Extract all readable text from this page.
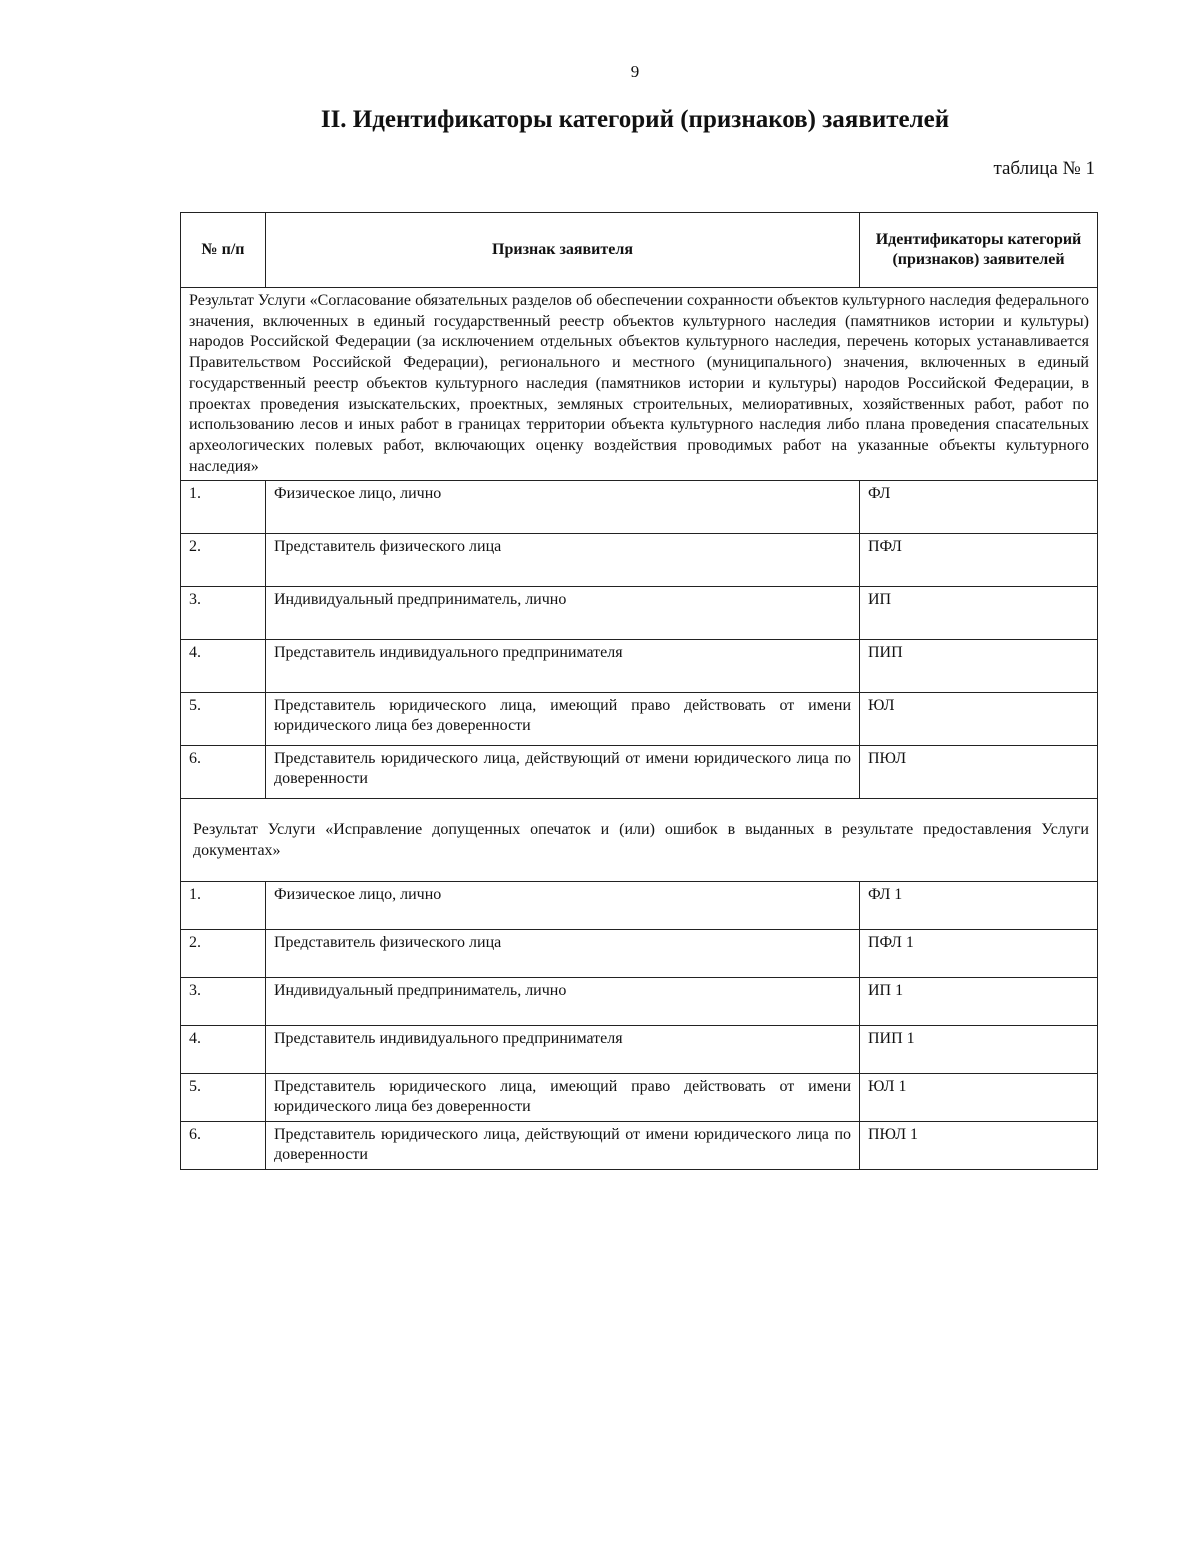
9
II. Идентификаторы категорий (признаков) заявителей
таблица № 1
№ п/п	Признак заявителя	Идентификаторы категорий (признаков) заявителей
Результат Услуги «Согласование обязательных разделов об обеспечении сохранности объектов культурного наследия федерального значения, включенных в единый государственный реестр объектов культурного наследия (памятников истории и культуры) народов Российской Федерации (за исключением отдельных объектов культурного наследия, перечень которых устанавливается Правительством Российской Федерации), регионального и местного (муниципального) значения, включенных в единый государственный реестр объектов культурного наследия (памятников истории и культуры) народов Российской Федерации, в проектах проведения изыскательских, проектных, земляных строительных, мелиоративных, хозяйственных работ, работ по использованию лесов и иных работ в границах территории объекта культурного наследия либо плана проведения спасательных археологических полевых работ, включающих оценку воздействия проводимых работ на указанные объекты культурного наследия»		
1.	Физическое лицо, лично	ФЛ
2.	Представитель физического лица	ПФЛ
3.	Индивидуальный предприниматель, лично	ИП
4.	Представитель индивидуального предпринимателя	ПИП
5.	Представитель юридического лица, имеющий право действовать от имени юридического лица без доверенности	ЮЛ
6.	Представитель юридического лица, действующий от имени юридического лица по доверенности	ПЮЛ
Результат Услуги «Исправление допущенных опечаток и (или) ошибок в выданных в результате предоставления Услуги документах»		
1.	Физическое лицо, лично	ФЛ 1
2.	Представитель физического лица	ПФЛ 1
3.	Индивидуальный предприниматель, лично	ИП 1
4.	Представитель индивидуального предпринимателя	ПИП 1
5.	Представитель юридического лица, имеющий право действовать от имени юридического лица без доверенности	ЮЛ 1
6.	Представитель юридического лица, действующий от имени юридического лица по доверенности	ПЮЛ 1
